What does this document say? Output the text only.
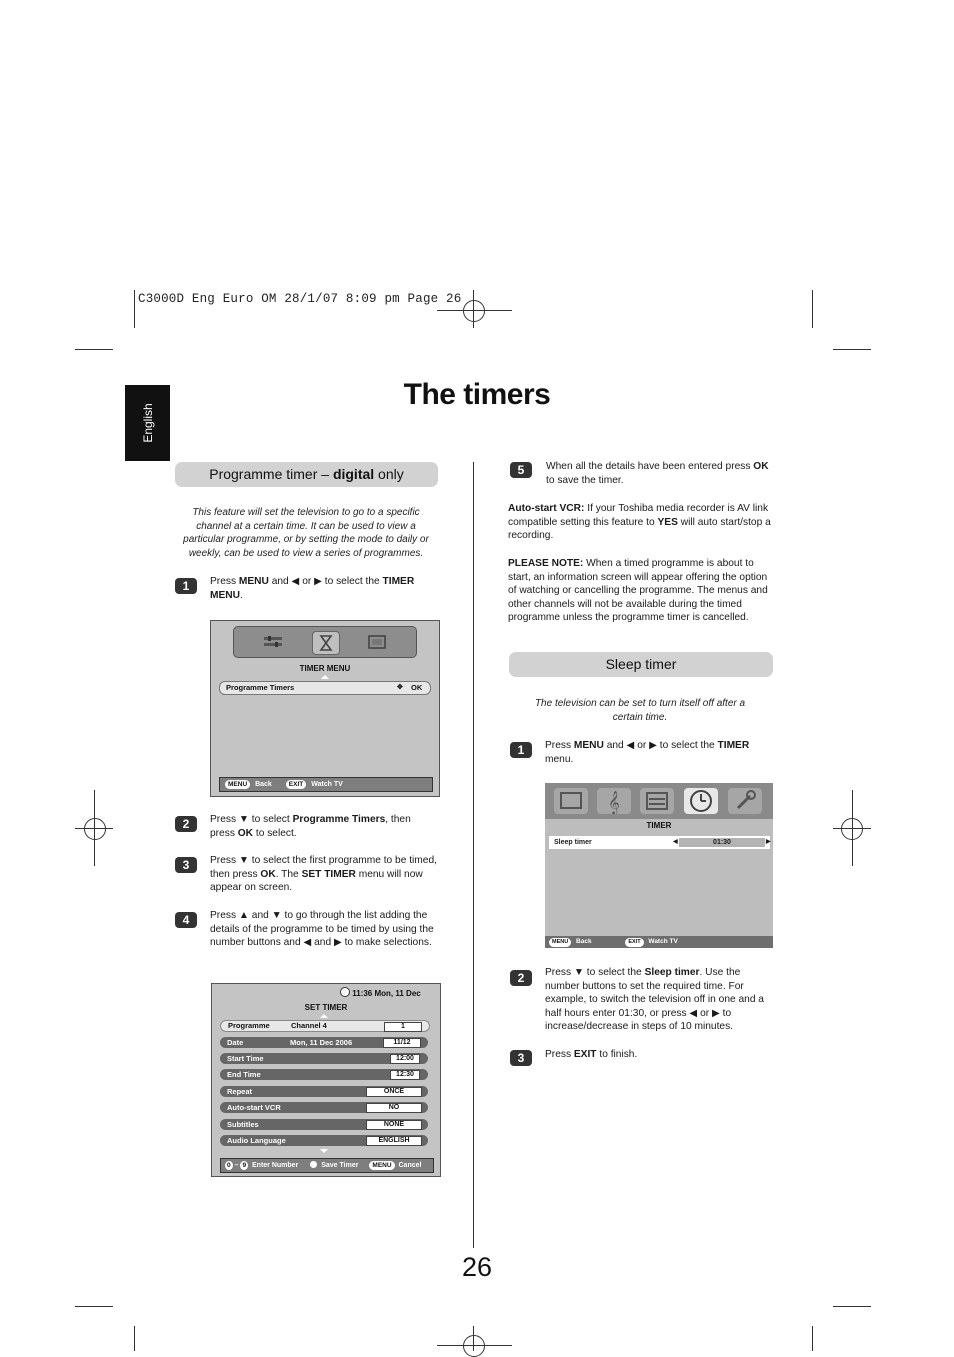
C3000D Eng Euro OM 28/1/07 8:09 pm Page 26
English
The timers
Programme timer – digital only
This feature will set the television to go to a specific channel at a certain time. It can be used to view a particular programme, or by setting the mode to daily or weekly, can be used to view a series of programmes.
1	Press MENU and ◀ or ▶ to select the TIMER MENU.
TIMER MENU
Programme Timers	✥ OK
MENU Back	EXIT Watch TV
2	Press ▼ to select Programme Timers, then press OK to select.
3	Press ▼ to select the first programme to be timed, then press OK. The SET TIMER menu will now appear on screen.
4	Press ▲ and ▼ to go through the list adding the details of the programme to be timed by using the number buttons and ◀ and ▶ to make selections.
11:36 Mon, 11 Dec
SET TIMER
Programme	Channel 4	1
Date	Mon, 11 Dec 2006	11/12
Start Time	12:00
End Time	12:30
Repeat	ONCE
Auto-start VCR	NO
Subtitles	NONE
Audio Language	ENGLISH
0 – 9 Enter Number	Save Timer MENU Cancel
5	When all the details have been entered press OK to save the timer.
Auto-start VCR: If your Toshiba media recorder is AV link compatible setting this feature to YES will auto start/stop a recording.
PLEASE NOTE: When a timed programme is about to start, an information screen will appear offering the option of watching or cancelling the programme. The menus and other channels will not be available during the timed programme unless the programme timer is cancelled.
Sleep timer
The television can be set to turn itself off after a certain time.
1	Press MENU and ◀ or ▶ to select the TIMER menu.
𝄞
TIMER
Sleep timer	◀	01:30	▶
MENU Back	EXIT Watch TV
2	Press ▼ to select the Sleep timer. Use the number buttons to set the required time. For example, to switch the television off in one and a half hours enter 01:30, or press ◀ or ▶ to increase/decrease in steps of 10 minutes.
3	Press EXIT to finish.
26
